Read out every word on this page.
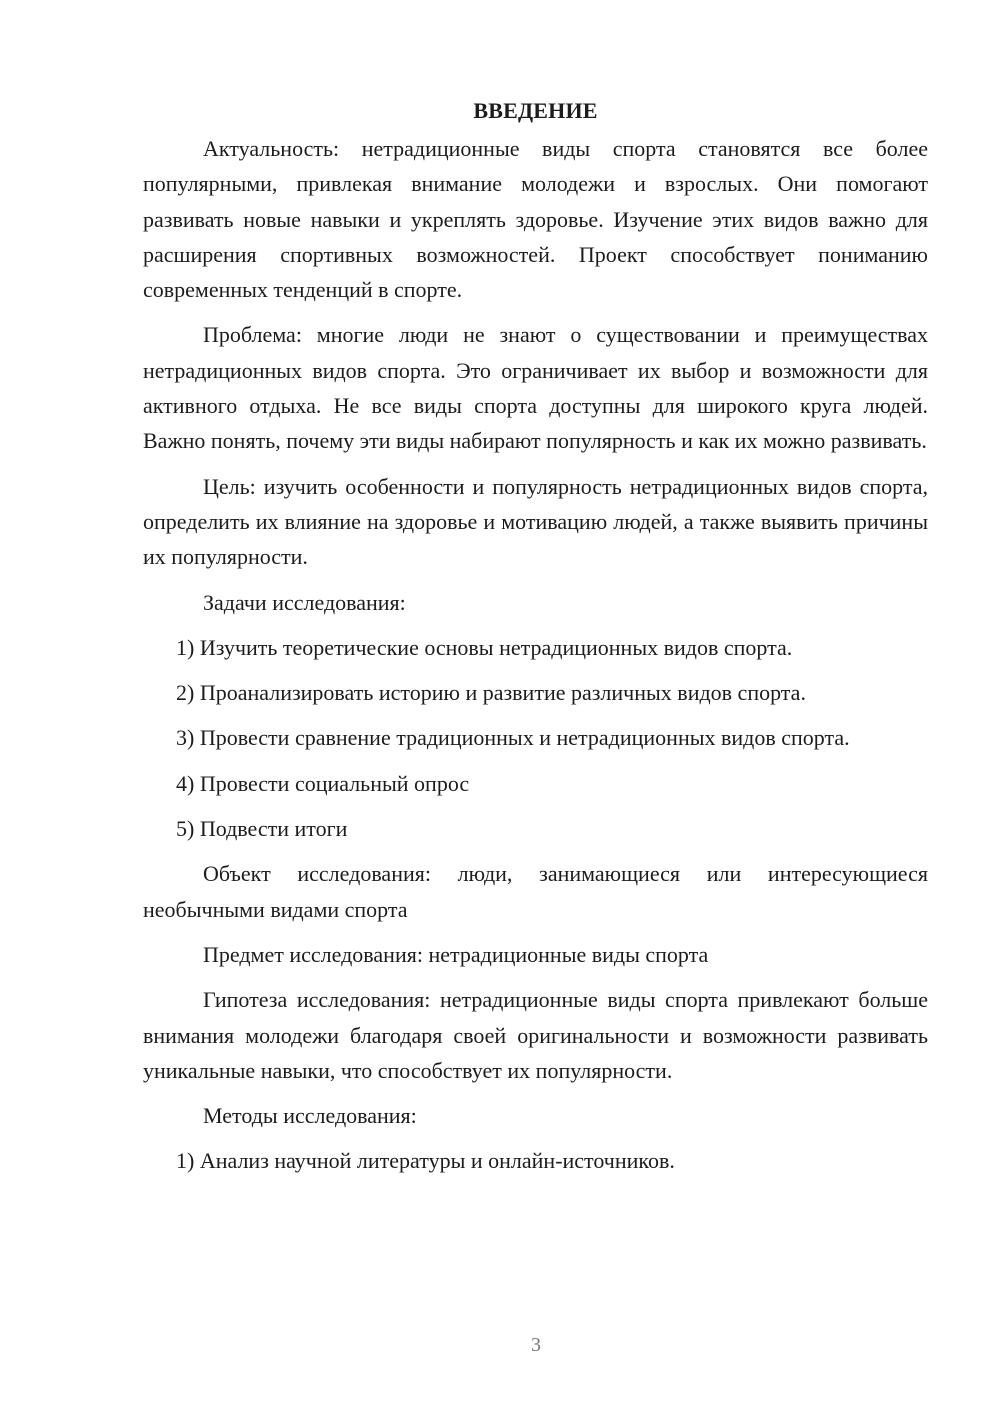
ВВЕДЕНИЕ

Актуальность: нетрадиционные виды спорта становятся все более популярными, привлекая внимание молодежи и взрослых. Они помогают развивать новые навыки и укреплять здоровье. Изучение этих видов важно для расширения спортивных возможностей. Проект способствует пониманию современных тенденций в спорте.

Проблема: многие люди не знают о существовании и преимуществах нетрадиционных видов спорта. Это ограничивает их выбор и возможности для активного отдыха. Не все виды спорта доступны для широкого круга людей. Важно понять, почему эти виды набирают популярность и как их можно развивать.

Цель: изучить особенности и популярность нетрадиционных видов спорта, определить их влияние на здоровье и мотивацию людей, а также выявить причины их популярности.

Задачи исследования:

1) Изучить теоретические основы нетрадиционных видов спорта.

2) Проанализировать историю и развитие различных видов спорта.

3) Провести сравнение традиционных и нетрадиционных видов спорта.

4) Провести социальный опрос

5) Подвести итоги

Объект исследования: люди, занимающиеся или интересующиеся необычными видами спорта

Предмет исследования: нетрадиционные виды спорта

Гипотеза исследования: нетрадиционные виды спорта привлекают больше внимания молодежи благодаря своей оригинальности и возможности развивать уникальные навыки, что способствует их популярности.

Методы исследования:

1) Анализ научной литературы и онлайн-источников.

3
